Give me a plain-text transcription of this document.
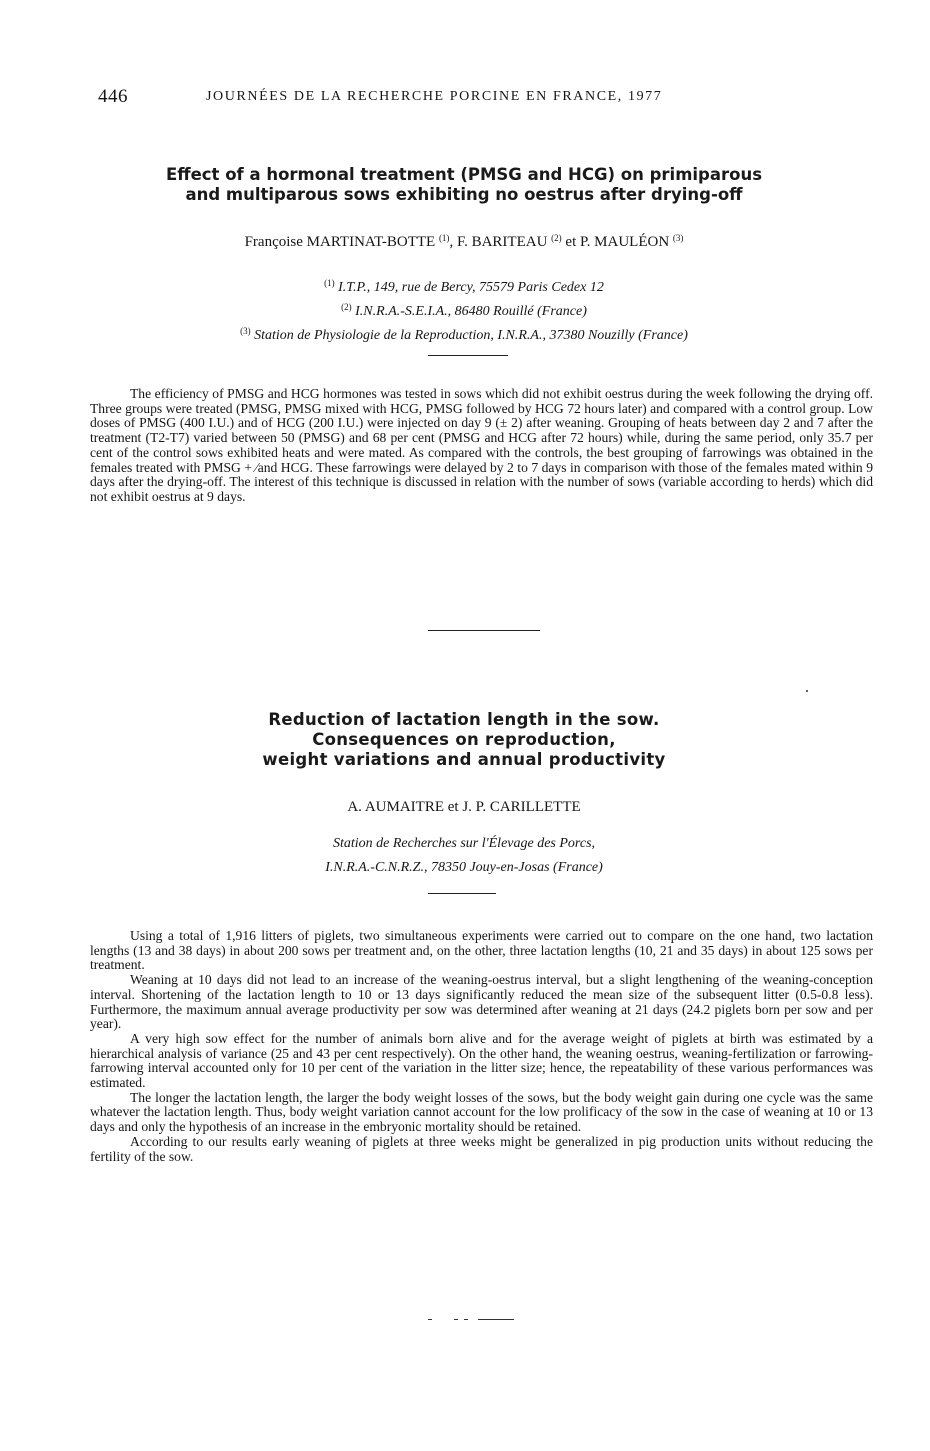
446	JOURNÉES DE LA RECHERCHE PORCINE EN FRANCE, 1977
Effect of a hormonal treatment (PMSG and HCG) on primiparous
and multiparous sows exhibiting no oestrus after drying-off
Françoise MARTINAT-BOTTE $^{(1)}$, F. BARITEAU $^{(2)}$ et P. MAULÉON $^{(3)}$
$^{(1)}$ I.T.P., 149, rue de Bercy, 75579 Paris Cedex 12
$^{(2)}$ I.N.R.A.-S.E.I.A., 86480 Rouillé (France)
$^{(3)}$ Station de Physiologie de la Reproduction, I.N.R.A., 37380 Nouzilly (France)

The efficiency of PMSG and HCG hormones was tested in sows which did not exhibit oestrus during the week following the drying off. Three groups were treated (PMSG, PMSG mixed with HCG, PMSG followed by HCG 72 hours later) and compared with a control group. Low doses of PMSG (400 I.U.) and of HCG (200 I.U.) were injected on day 9 (± 2) after weaning. Grouping of heats between day 2 and 7 after the treatment (T2-T7) varied between 50 (PMSG) and 68 per cent (PMSG and HCG after 72 hours) while, during the same period, only 35.7 per cent of the control sows exhibited heats and were mated. As compared with the controls, the best grouping of farrowings was obtained in the females treated with PMSG + ⁄and HCG. These farrowings were delayed by 2 to 7 days in comparison with those of the females mated within 9 days after the drying-off. The interest of this technique is discussed in relation with the number of sows (variable according to herds) which did not exhibit oestrus at 9 days.

Reduction of lactation length in the sow.
Consequences on reproduction,
weight variations and annual productivity
A. AUMAITRE et J. P. CARILLETTE
Station de Recherches sur l'Élevage des Porcs,
I.N.R.A.-C.N.R.Z., 78350 Jouy-en-Josas (France)

Using a total of 1,916 litters of piglets, two simultaneous experiments were carried out to compare on the one hand, two lactation lengths (13 and 38 days) in about 200 sows per treatment and, on the other, three lactation lengths (10, 21 and 35 days) in about 125 sows per treatment.

Weaning at 10 days did not lead to an increase of the weaning-oestrus interval, but a slight lengthening of the weaning-conception interval. Shortening of the lactation length to 10 or 13 days significantly reduced the mean size of the subsequent litter (0.5-0.8 less). Furthermore, the maximum annual average productivity per sow was determined after weaning at 21 days (24.2 piglets born per sow and per year).

A very high sow effect for the number of animals born alive and for the average weight of piglets at birth was estimated by a hierarchical analysis of variance (25 and 43 per cent respectively). On the other hand, the weaning oestrus, weaning-fertilization or farrowing-farrowing interval accounted only for 10 per cent of the variation in the litter size; hence, the repeatability of these various performances was estimated.

The longer the lactation length, the larger the body weight losses of the sows, but the body weight gain during one cycle was the same whatever the lactation length. Thus, body weight variation cannot account for the low prolificacy of the sow in the case of weaning at 10 or 13 days and only the hypothesis of an increase in the embryonic mortality should be retained.

According to our results early weaning of piglets at three weeks might be generalized in pig production units without reducing the fertility of the sow.
